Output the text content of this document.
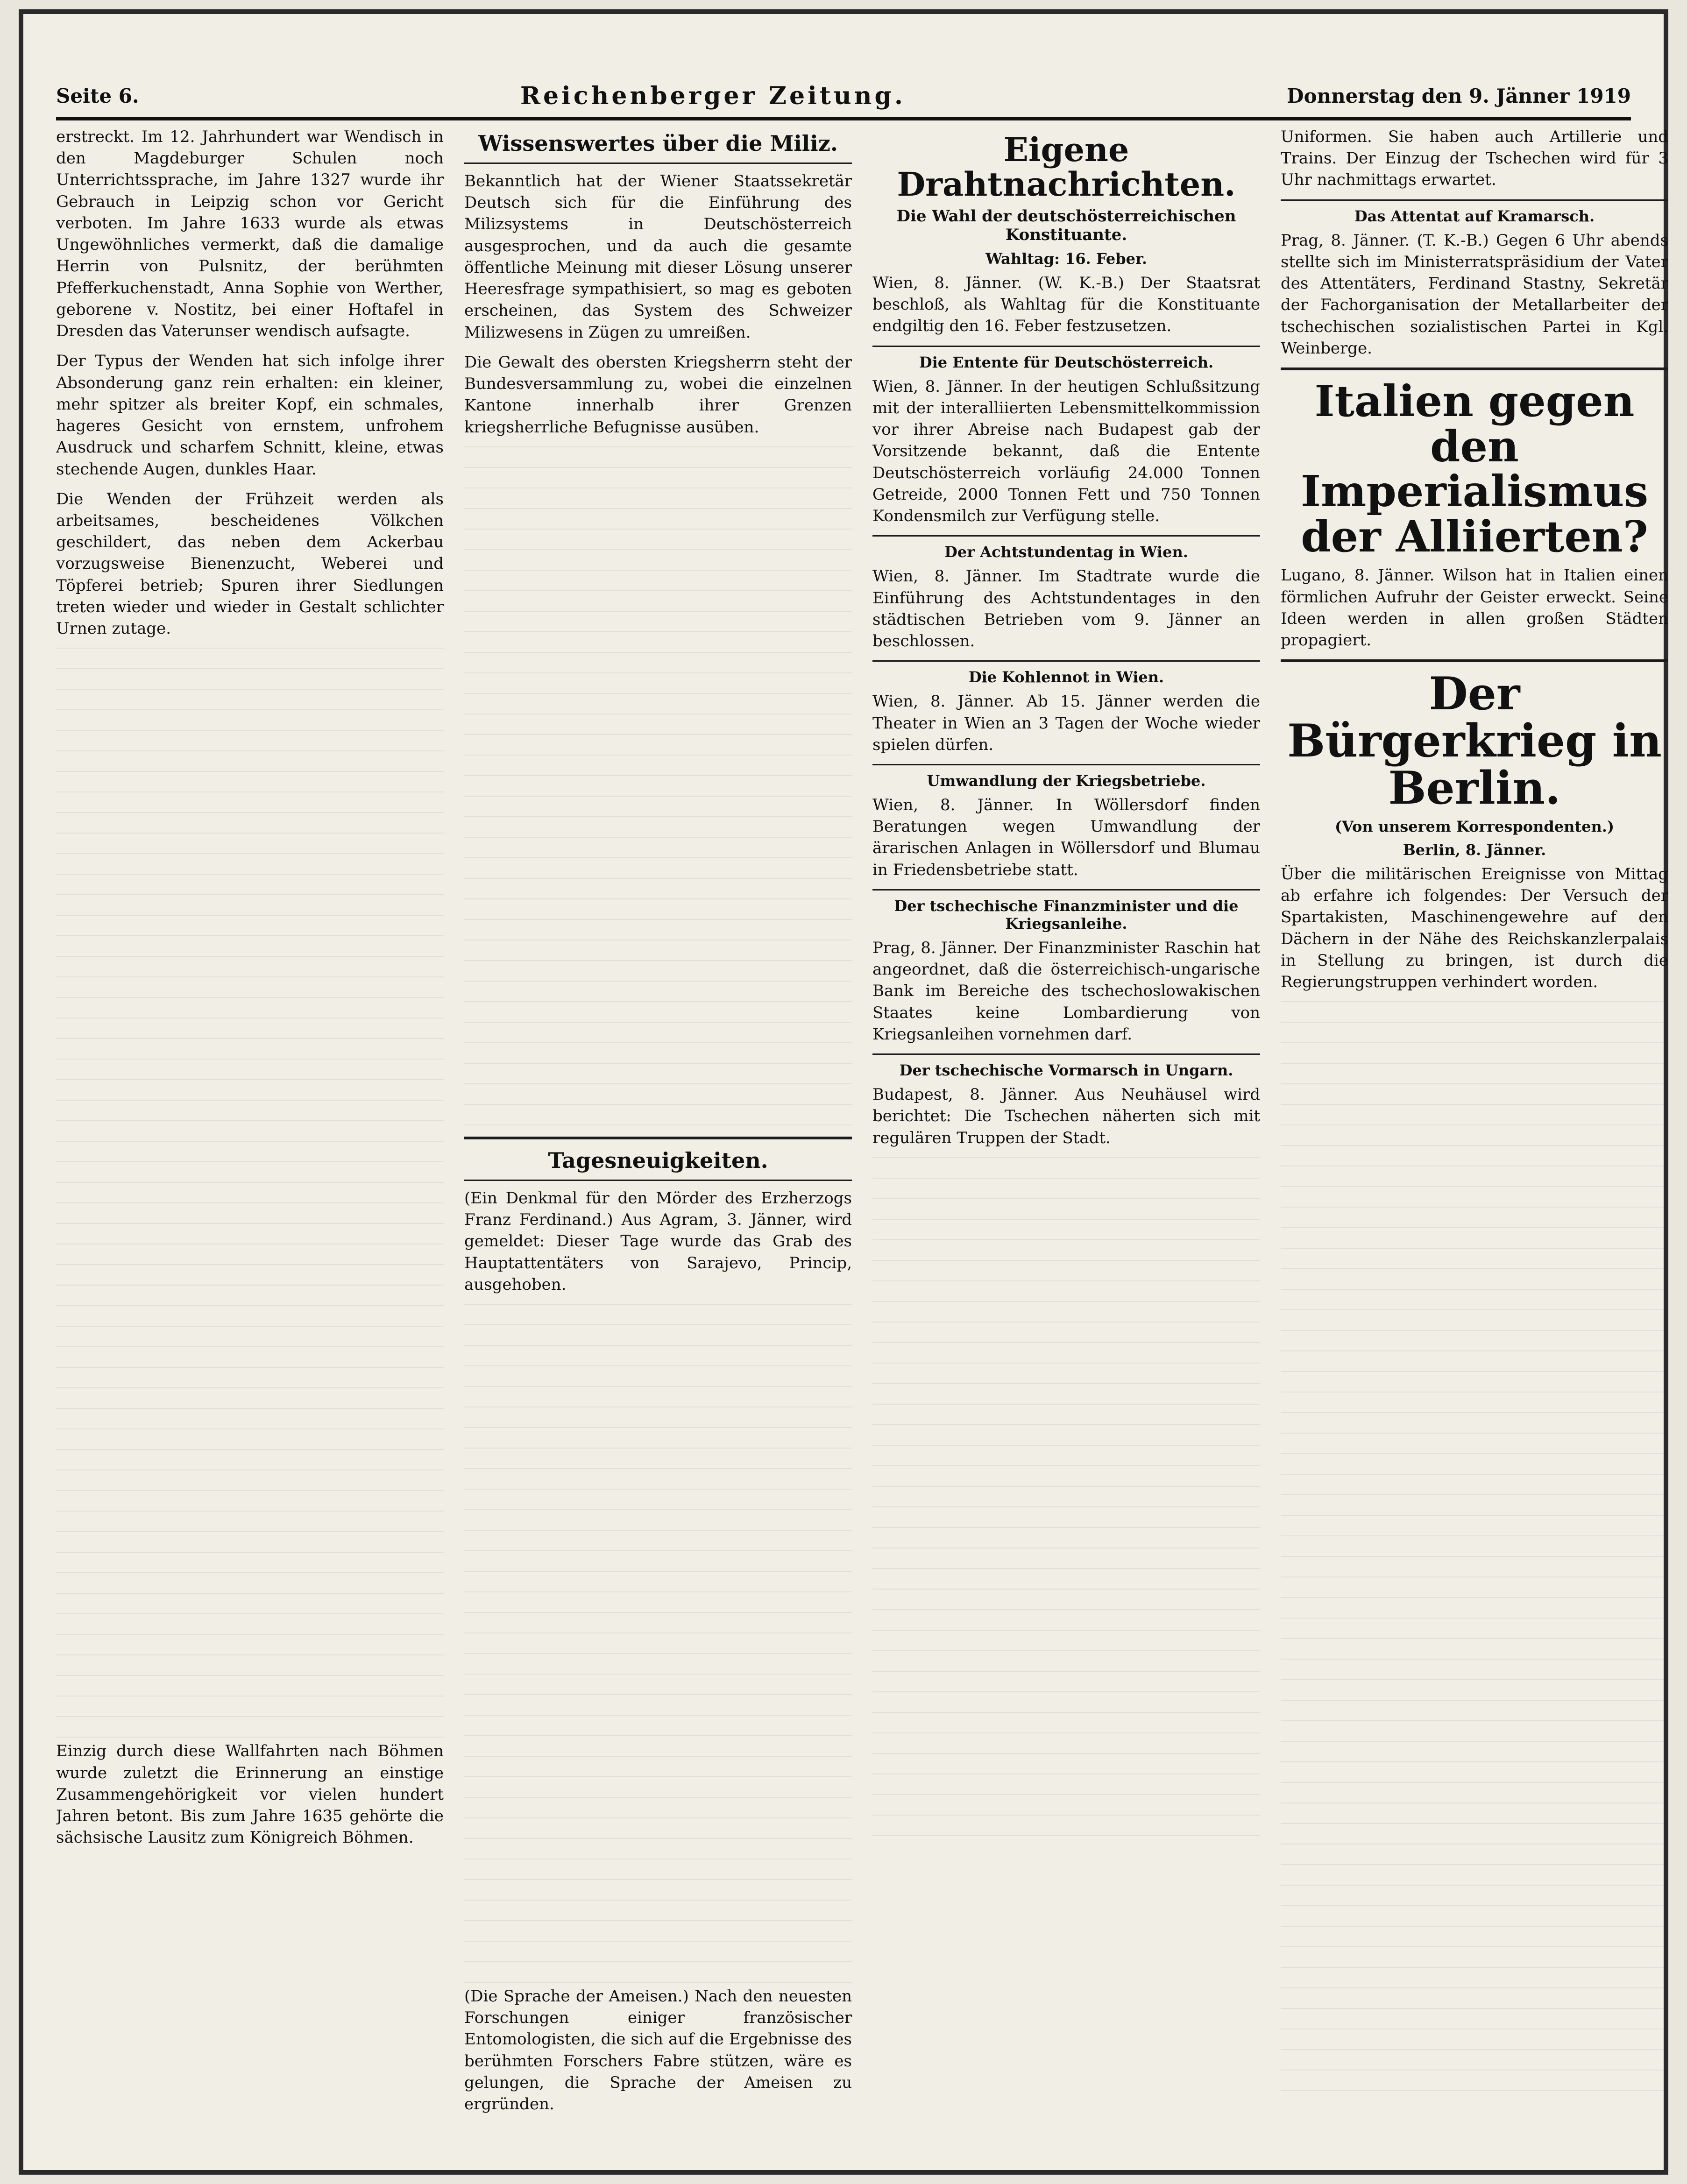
Seite 6.	Reichenberger Zeitung.	Donnerstag den 9. Jänner 1919

erstreckt. Im 12. Jahrhundert war Wendisch in den Magdeburger Schulen noch Unterrichtssprache, im Jahre 1327 wurde ihr Gebrauch in Leipzig schon vor Gericht verboten. Im Jahre 1633 wurde als etwas Ungewöhnliches vermerkt, daß die damalige Herrin von Pulsnitz, der berühmten Pfefferkuchenstadt, Anna Sophie von Werther, geborene v. Nostitz, bei einer Hoftafel in Dresden das Vaterunser wendisch aufsagte.

Der Typus der Wenden hat sich infolge ihrer Absonderung ganz rein erhalten: ein kleiner, mehr spitzer als breiter Kopf, ein schmales, hageres Gesicht von ernstem, unfrohem Ausdruck und scharfem Schnitt, kleine, etwas stechende Augen, dunkles Haar.

Die Wenden der Frühzeit werden als arbeitsames, bescheidenes Völkchen geschildert, das neben dem Ackerbau vorzugsweise Bienenzucht, Weberei und Töpferei betrieb; Spuren ihrer Siedlungen treten wieder und wieder in Gestalt schlichter Urnen zutage.

Einzig durch diese Wallfahrten nach Böhmen wurde zuletzt die Erinnerung an einstige Zusammengehörigkeit vor vielen hundert Jahren betont. Bis zum Jahre 1635 gehörte die sächsische Lausitz zum Königreich Böhmen.

Wissenswertes über die Miliz.

Bekanntlich hat der Wiener Staatssekretär Deutsch sich für die Einführung des Milizsystems in Deutschösterreich ausgesprochen, und da auch die gesamte öffentliche Meinung mit dieser Lösung unserer Heeresfrage sympathisiert, so mag es geboten erscheinen, das System des Schweizer Milizwesens in Zügen zu umreißen.

Die Gewalt des obersten Kriegsherrn steht der Bundesversammlung zu, wobei die einzelnen Kantone innerhalb ihrer Grenzen kriegsherrliche Befugnisse ausüben.

Tagesneuigkeiten.

(Ein Denkmal für den Mörder des Erzherzogs Franz Ferdinand.) Aus Agram, 3. Jänner, wird gemeldet: Dieser Tage wurde das Grab des Hauptattentäters von Sarajevo, Princip, ausgehoben.

(Die Sprache der Ameisen.) Nach den neuesten Forschungen einiger französischer Entomologisten, die sich auf die Ergebnisse des berühmten Forschers Fabre stützen, wäre es gelungen, die Sprache der Ameisen zu ergründen.

Eigene Drahtnachrichten.
Die Wahl der deutschösterreichischen Konstituante.
Wahltag: 16. Feber.

Wien, 8. Jänner. (W. K.-B.) Der Staatsrat beschloß, als Wahltag für die Konstituante endgiltig den 16. Feber festzusetzen.

Die Entente für Deutschösterreich.

Wien, 8. Jänner. In der heutigen Schlußsitzung mit der interalliierten Lebensmittelkommission vor ihrer Abreise nach Budapest gab der Vorsitzende bekannt, daß die Entente Deutschösterreich vorläufig 24.000 Tonnen Getreide, 2000 Tonnen Fett und 750 Tonnen Kondensmilch zur Verfügung stelle.

Der Achtstundentag in Wien.

Wien, 8. Jänner. Im Stadtrate wurde die Einführung des Achtstundentages in den städtischen Betrieben vom 9. Jänner an beschlossen.

Die Kohlennot in Wien.

Wien, 8. Jänner. Ab 15. Jänner werden die Theater in Wien an 3 Tagen der Woche wieder spielen dürfen.

Umwandlung der Kriegsbetriebe.

Wien, 8. Jänner. In Wöllersdorf finden Beratungen wegen Umwandlung der ärarischen Anlagen in Wöllersdorf und Blumau in Friedensbetriebe statt.

Der tschechische Finanzminister und die Kriegsanleihe.

Prag, 8. Jänner. Der Finanzminister Raschin hat angeordnet, daß die österreichisch-ungarische Bank im Bereiche des tschechoslowakischen Staates keine Lombardierung von Kriegsanleihen vornehmen darf.

Der tschechische Vormarsch in Ungarn.

Budapest, 8. Jänner. Aus Neuhäusel wird berichtet: Die Tschechen näherten sich mit regulären Truppen der Stadt.

Uniformen. Sie haben auch Artillerie und Trains. Der Einzug der Tschechen wird für 3 Uhr nachmittags erwartet.

Das Attentat auf Kramarsch.

Prag, 8. Jänner. (T. K.-B.) Gegen 6 Uhr abends stellte sich im Ministerratspräsidium der Vater des Attentäters, Ferdinand Stastny, Sekretär der Fachorganisation der Metallarbeiter der tschechischen sozialistischen Partei in Kgl. Weinberge.

Italien gegen den Imperialismus der Alliierten?

Lugano, 8. Jänner. Wilson hat in Italien einen förmlichen Aufruhr der Geister erweckt. Seine Ideen werden in allen großen Städten propagiert.

Der Bürgerkrieg in Berlin.
(Von unserem Korrespondenten.)
Berlin, 8. Jänner.

Über die militärischen Ereignisse von Mittag ab erfahre ich folgendes: Der Versuch der Spartakisten, Maschinengewehre auf den Dächern in der Nähe des Reichskanzlerpalais in Stellung zu bringen, ist durch die Regierungstruppen verhindert worden.
